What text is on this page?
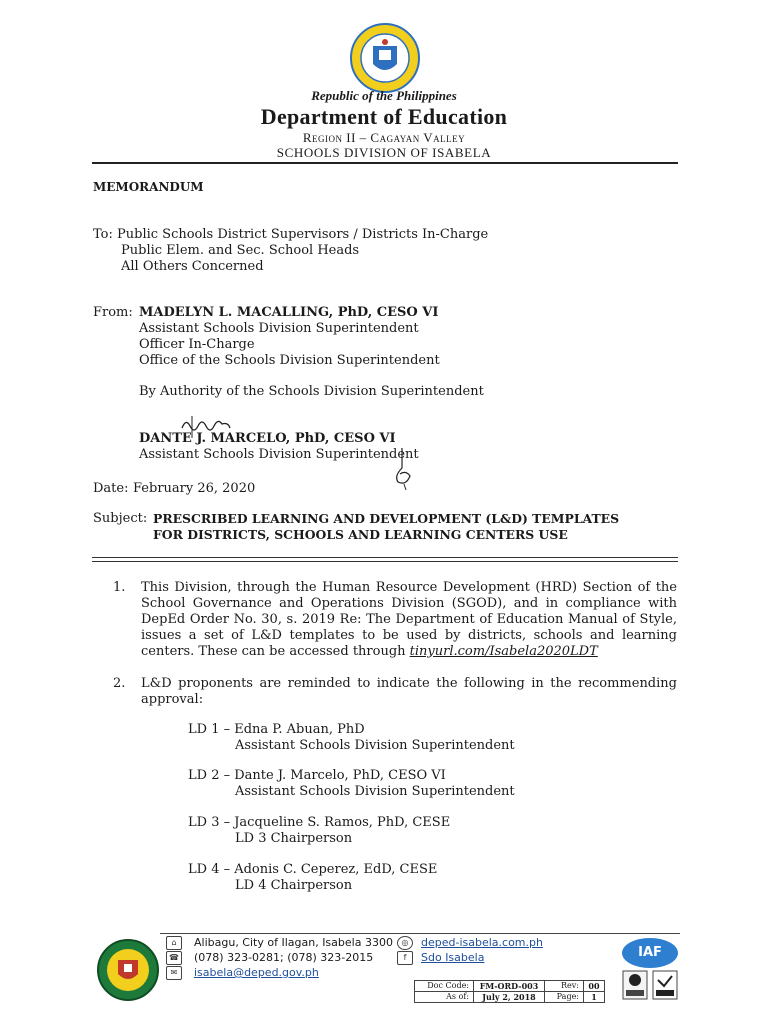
Republic of the Philippines
Department of Education
Region II – Cagayan Valley
SCHOOLS DIVISION OF ISABELA
MEMORANDUM
To: Public Schools District Supervisors / Districts In-Charge
Public Elem. and Sec. School Heads
All Others Concerned
From: MADELYN L. MACALLING, PhD, CESO VI
Assistant Schools Division Superintendent
Officer In-Charge
Office of the Schools Division Superintendent
By Authority of the Schools Division Superintendent
DANTE J. MARCELO, PhD, CESO VI
Assistant Schools Division Superintendent
Date: February 26, 2020
Subject: PRESCRIBED LEARNING AND DEVELOPMENT (L&D) TEMPLATES
FOR DISTRICTS, SCHOOLS AND LEARNING CENTERS USE
1. This Division, through the Human Resource Development (HRD) Section of the School Governance and Operations Division (SGOD), and in compliance with DepEd Order No. 30, s. 2019 Re: The Department of Education Manual of Style, issues a set of L&D templates to be used by districts, schools and learning centers. These can be accessed through tinyurl.com/Isabela2020LDT
2. L&D proponents are reminded to indicate the following in the recommending approval:
LD 1 – Edna P. Abuan, PhD
Assistant Schools Division Superintendent
LD 2 – Dante J. Marcelo, PhD, CESO VI
Assistant Schools Division Superintendent
LD 3 – Jacqueline S. Ramos, PhD, CESE
LD 3 Chairperson
LD 4 – Adonis C. Ceperez, EdD, CESE
LD 4 Chairperson
⌂
☎
✉
Alibagu, City of Ilagan, Isabela 3300
(078) 323-0281; (078) 323-2015
isabela@deped.gov.ph
◎
f
deped-isabela.com.ph
Sdo Isabela
Doc Code:	FM-ORD-003	Rev:	00
As of:	July 2, 2018	Page:	1
IAF
